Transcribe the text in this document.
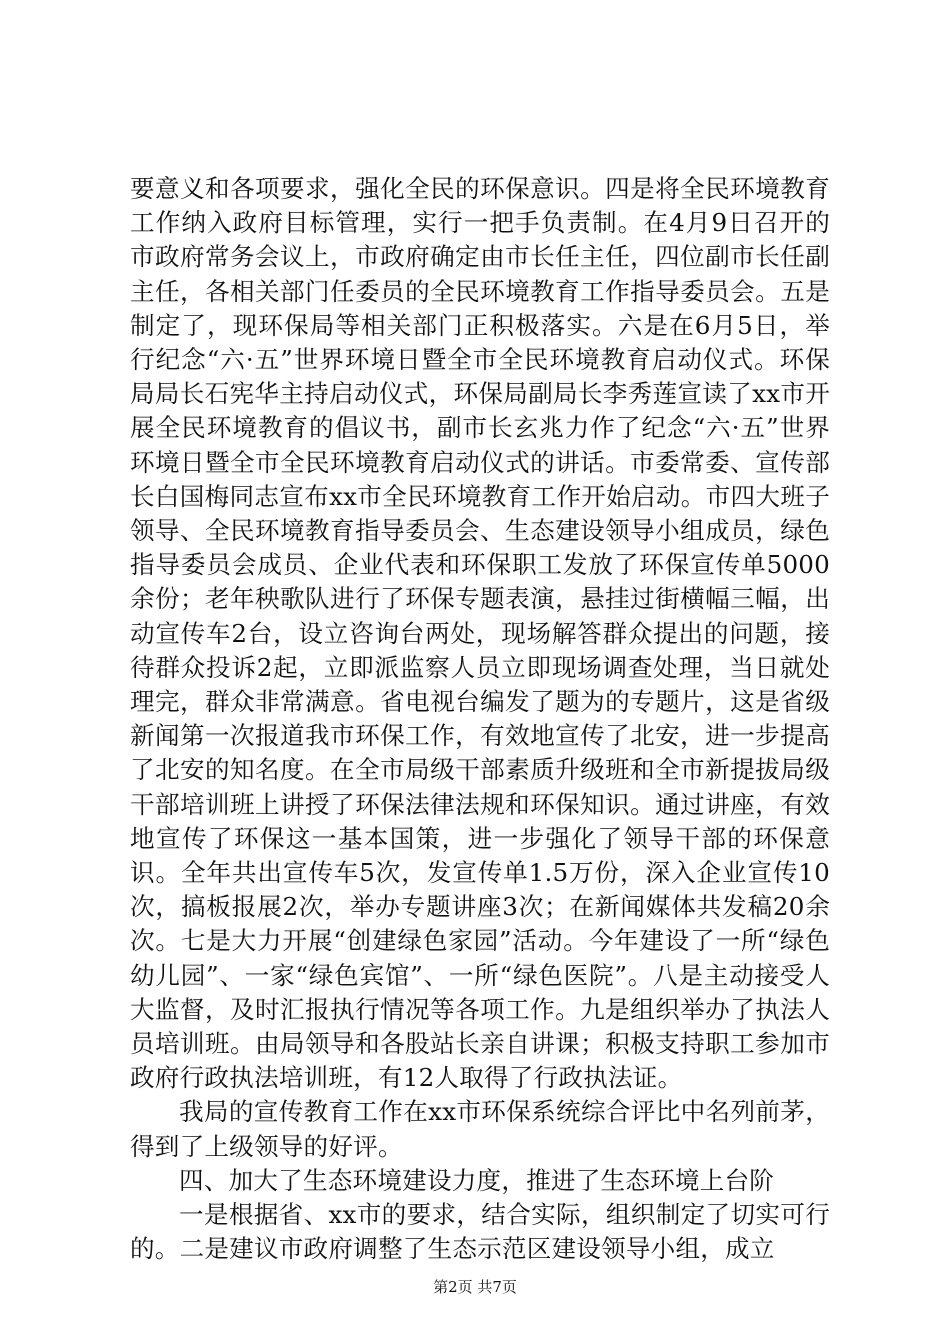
要意义和各项要求，强化全民的环保意识。四是将全民环境教育工作纳入政府目标管理，实行一把手负责制。在4月9日召开的市政府常务会议上，市政府确定由市长任主任，四位副市长任副主任，各相关部门任委员的全民环境教育工作指导委员会。五是制定了，现环保局等相关部门正积极落实。六是在6月5日，举行纪念“六·五”世界环境日暨全市全民环境教育启动仪式。环保局局长石宪华主持启动仪式，环保局副局长李秀莲宣读了xx市开展全民环境教育的倡议书，副市长玄兆力作了纪念“六·五”世界环境日暨全市全民环境教育启动仪式的讲话。市委常委、宣传部长白国梅同志宣布xx市全民环境教育工作开始启动。市四大班子领导、全民环境教育指导委员会、生态建设领导小组成员，绿色指导委员会成员、企业代表和环保职工发放了环保宣传单5000余份；老年秧歌队进行了环保专题表演，悬挂过街横幅三幅，出动宣传车2台，设立咨询台两处，现场解答群众提出的问题，接待群众投诉2起，立即派监察人员立即现场调查处理，当日就处理完，群众非常满意。省电视台编发了题为的专题片，这是省级新闻第一次报道我市环保工作，有效地宣传了北安，进一步提高了北安的知名度。在全市局级干部素质升级班和全市新提拔局级干部培训班上讲授了环保法律法规和环保知识。通过讲座，有效地宣传了环保这一基本国策，进一步强化了领导干部的环保意识。全年共出宣传车5次，发宣传单1.5万份，深入企业宣传10次，搞板报展2次，举办专题讲座3次；在新闻媒体共发稿20余次。七是大力开展“创建绿色家园”活动。今年建设了一所“绿色幼儿园”、一家“绿色宾馆”、一所“绿色医院”。八是主动接受人大监督，及时汇报执行情况等各项工作。九是组织举办了执法人员培训班。由局领导和各股站长亲自讲课；积极支持职工参加市政府行政执法培训班，有12人取得了行政执法证。

我局的宣传教育工作在xx市环保系统综合评比中名列前茅，得到了上级领导的好评。

四、加大了生态环境建设力度，推进了生态环境上台阶

一是根据省、xx市的要求，结合实际，组织制定了切实可行的。二是建议市政府调整了生态示范区建设领导小组，成立

第2页 共7页
